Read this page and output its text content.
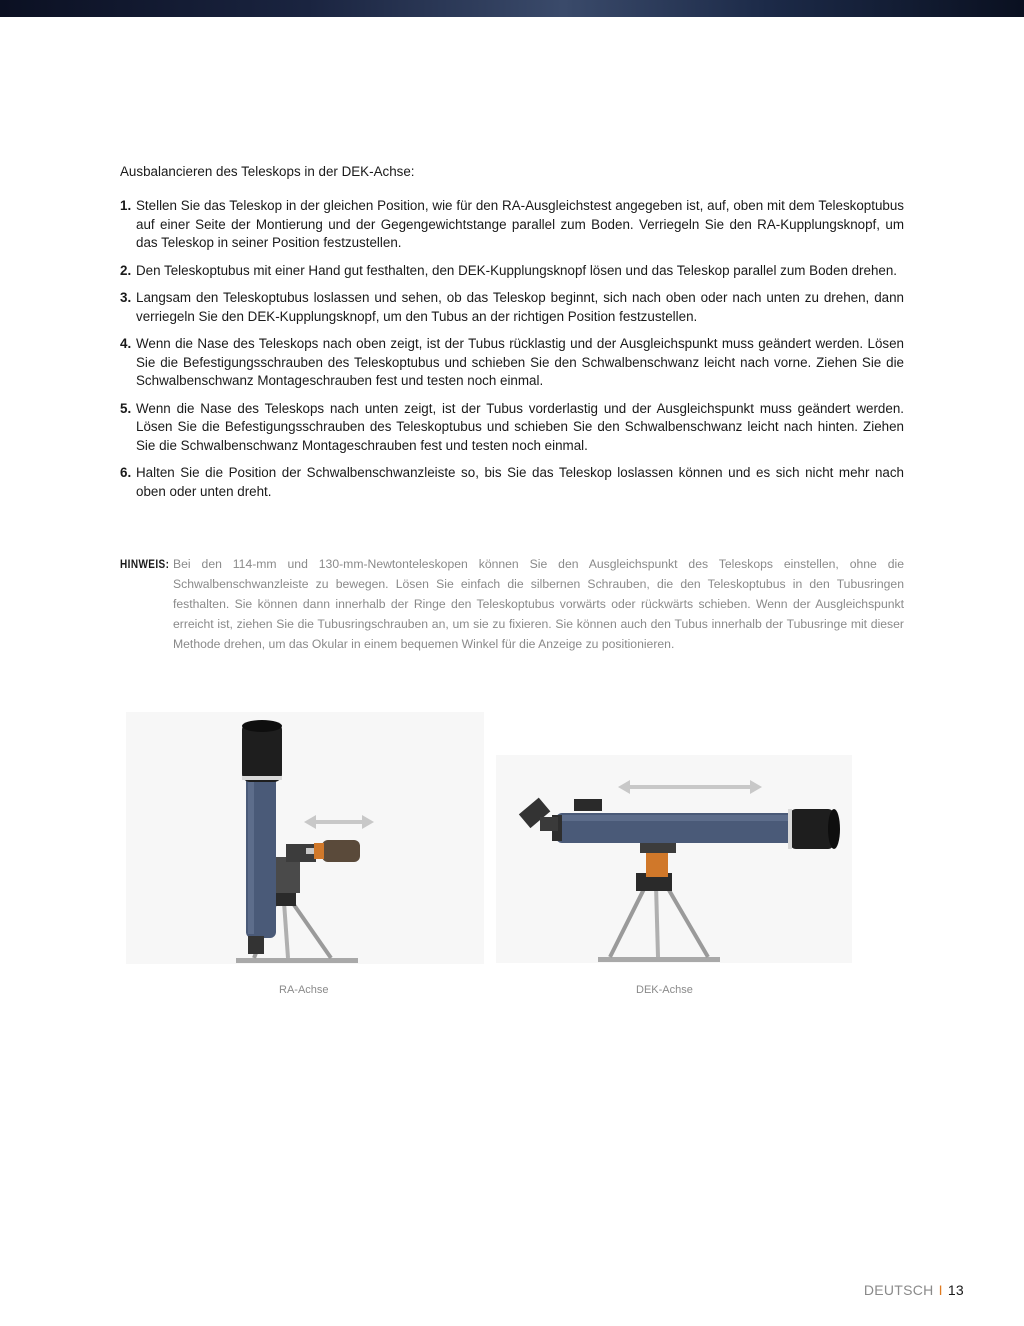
Ausbalancieren des Teleskops in der DEK-Achse:
1. Stellen Sie das Teleskop in der gleichen Position, wie für den RA-Ausgleichstest angegeben ist, auf, oben mit dem Teleskoptubus auf einer Seite der Montierung und der Gegengewichtstange parallel zum Boden. Verriegeln Sie den RA-Kupplungsknopf, um das Teleskop in seiner Position festzustellen.
2. Den Teleskoptubus mit einer Hand gut festhalten, den DEK-Kupplungsknopf lösen und das Teleskop parallel zum Boden drehen.
3. Langsam den Teleskoptubus loslassen und sehen, ob das Teleskop beginnt, sich nach oben oder nach unten zu drehen, dann verriegeln Sie den DEK-Kupplungsknopf, um den Tubus an der richtigen Position festzustellen.
4. Wenn die Nase des Teleskops nach oben zeigt, ist der Tubus rücklastig und der Ausgleichspunkt muss geändert werden. Lösen Sie die Befestigungsschrauben des Teleskoptubus und schieben Sie den Schwalbenschwanz leicht nach vorne. Ziehen Sie die Schwalbenschwanz Montageschrauben fest und testen noch einmal.
5. Wenn die Nase des Teleskops nach unten zeigt, ist der Tubus vorderlastig und der Ausgleichspunkt muss geändert werden. Lösen Sie die Befestigungsschrauben des Teleskoptubus und schieben Sie den Schwalbenschwanz leicht nach hinten. Ziehen Sie die Schwalbenschwanz Montageschrauben fest und testen noch einmal.
6. Halten Sie die Position der Schwalbenschwanzleiste so, bis Sie das Teleskop loslassen können und es sich nicht mehr nach oben oder unten dreht.
HINWEIS: Bei den 114-mm und 130-mm-Newtonteleskopen können Sie den Ausgleichspunkt des Teleskops einstellen, ohne die Schwalbenschwanzleiste zu bewegen. Lösen Sie einfach die silbernen Schrauben, die den Teleskoptubus in den Tubusringen festhalten. Sie können dann innerhalb der Ringe den Teleskoptubus vorwärts oder rückwärts schieben. Wenn der Ausgleichspunkt erreicht ist, ziehen Sie die Tubusringschrauben an, um sie zu fixieren. Sie können auch den Tubus innerhalb der Tubusringe mit dieser Methode drehen, um das Okular in einem bequemen Winkel für die Anzeige zu positionieren.
RA-Achse	DEK-Achse
DEUTSCH I 13
